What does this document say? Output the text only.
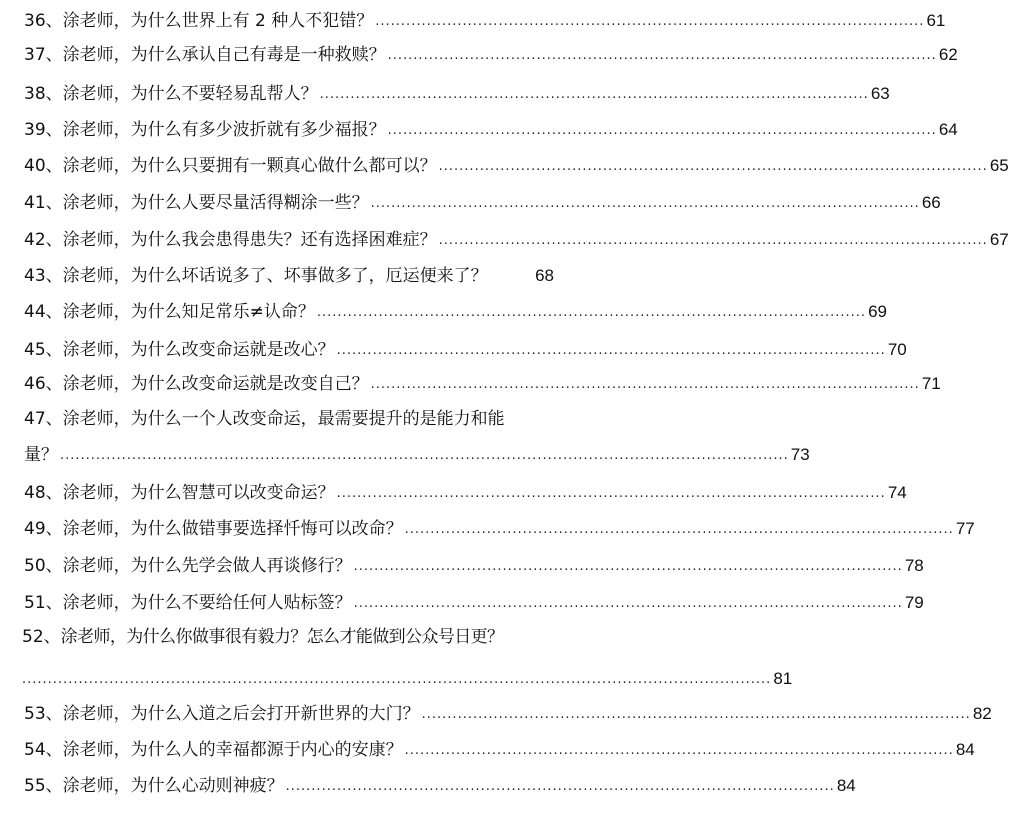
36、 涂老师，为什么世界上有 2 种人不犯错？ ........................................................................................................... 61
37、 涂老师，为什么承认自己有毒是一种救赎？ ........................................................................................................... 62
38、 涂老师，为什么不要轻易乱帮人？ ........................................................................................................... 63
39、 涂老师，为什么有多少波折就有多少福报？ ........................................................................................................... 64
40、 涂老师，为什么只要拥有一颗真心做什么都可以？ ........................................................................................................... 65
41、 涂老师，为什么人要尽量活得糊涂一些？ ........................................................................................................... 66
42、 涂老师，为什么我会患得患失？还有选择困难症？ ........................................................................................................... 67
43、 涂老师，为什么坏话说多了、坏事做多了，厄运便来了？	68
44、 涂老师，为什么知足常乐≠认命？ ........................................................................................................... 69
45、 涂老师，为什么改变命运就是改心？ ........................................................................................................... 70
46、 涂老师，为什么改变命运就是改变自己？ ........................................................................................................... 71
47、 涂老师，为什么一个人改变命运，最需要提升的是能力和能
量？ .............................................................................................................................................. 73
48、 涂老师，为什么智慧可以改变命运？ ........................................................................................................... 74
49、 涂老师，为什么做错事要选择忏悔可以改命？ ........................................................................................................... 77
50、 涂老师，为什么先学会做人再谈修行？ ........................................................................................................... 78
51、 涂老师，为什么不要给任何人贴标签？ ........................................................................................................... 79
52、 涂老师，为什么你做事很有毅力？怎么才能做到公众号日更？
.................................................................................................................................................. 81
53、 涂老师，为什么入道之后会打开新世界的大门？ ........................................................................................................... 82
54、 涂老师，为什么人的幸福都源于内心的安康？ ........................................................................................................... 84
55、 涂老师，为什么心动则神疲？ ........................................................................................................... 84
